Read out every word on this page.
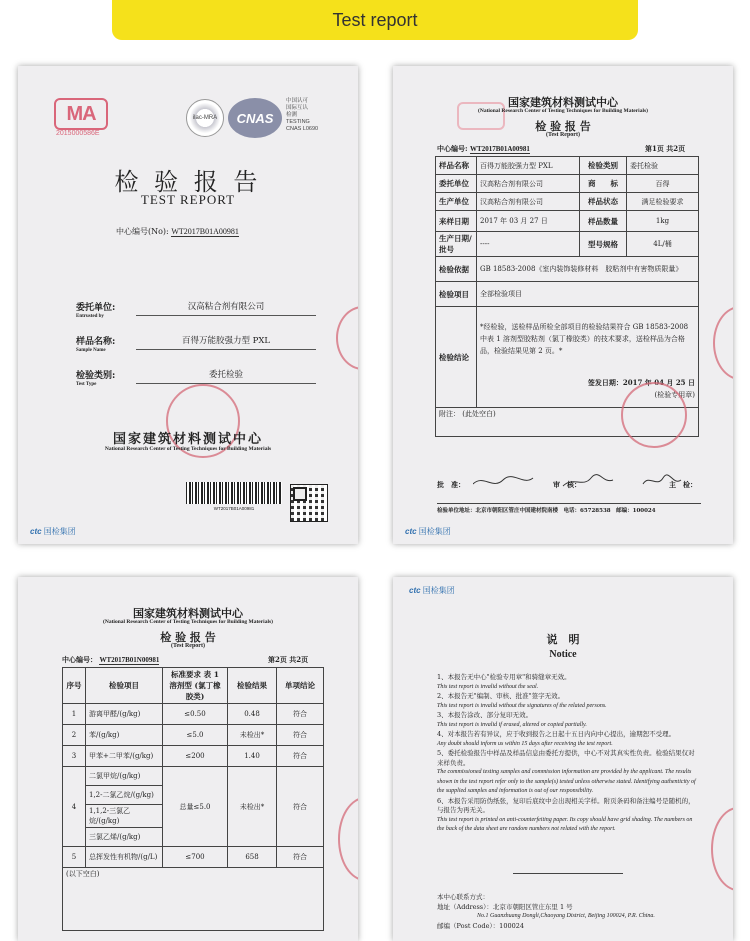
Test report
MA
2015000586E
ilac-MRA CNAS
中国认可
国际互认
检测
TESTING
CNAS L0690
检 验 报 告
TEST REPORT
中心编号(No): WT2017B01A00981
委托单位:
Entrusted by
汉高粘合剂有限公司
样品名称:
Sample Name
百得万能胶强力型 PXL
检验类别:
Test Type
委托检验
国家建筑材料测试中心
National Research Center of Testing Techniques for Building Materials
WT2017B01A00981
ctc 国检集团
国家建筑材料测试中心
(National Research Center of Testing Techniques for Building Materials)
检 验 报 告
(Test Report)
中心编号: WT2017B01A00981	第1页 共2页
样品名称	百得万能胶强力型 PXL	检验类别	委托检验
委托单位	汉高粘合剂有限公司	商　　标	百得
生产单位	汉高粘合剂有限公司	样品状态	满足检验要求
来样日期	2017 年 03 月 27 日	样品数量	1kg
生产日期/批号	----	型号规格	4L/桶
检验依据	GB 18583-2008《室内装饰装修材料　胶粘剂中有害物质限量》		
检验项目	全部检验项目		
检验结论	*经检验，送检样品所检全部项目的检验结果符合 GB 18583-2008 中表 1 溶剂型胶粘剂（氯丁橡胶类）的技术要求，送检样品为合格品，检验结果见第 2 页。*
签发日期：2017 年 04 月 25 日
(检验专用章)		

附注： (此处空白)			
批　准：	审　核：	主　检：
检验单位地址：北京市朝阳区管庄中国建材院南楼　电话：65728538　邮编：100024
ctc 国检集团
国家建筑材料测试中心
(National Research Center of Testing Techniques for Building Materials)
检 验 报 告
(Test Report)
中心编号： WT2017B01N00981	第2页 共2页
序号	检验项目	标准要求 表 1 溶剂型 (氯丁橡胶类)	检验结果	单项结论
1	游离甲醛/(g/kg)	≤0.50	0.48	符合
2	苯/(g/kg)	≤5.0	未检出*	符合
3	甲苯+二甲苯/(g/kg)	≤200	1.40	符合
4	二氯甲烷/(g/kg)	总量≤5.0	未检出*	符合
	1,2-二氯乙烷/(g/kg)			
	1,1,2-三氯乙烷/(g/kg)			
	三氯乙烯/(g/kg)			
5	总挥发性有机物/(g/L)	≤700	658	符合
(以下空白)				
ctc 国检集团
说　明
Notice
1、本报告无中心"检验专用章"和骑缝章无效。
This test report is invalid without the seal.
2、本报告无"编制、审核、批准"签字无效。
This test report is invalid without the signatures of the related persons.
3、本报告涂改、部分复印无效。
This test report is invalid if erased, altered or copied partially.
4、对本报告若有异议，应于收到报告之日起十五日内向中心提出，逾期恕不受理。
Any doubt should inform us within 15 days after receiving the test report.
5、委托检验报告中样品及样品信息由委托方提供，中心不对其真实性负责。检验结果仅对来样负责。
The commissioned testing samples and commission information are provided by the applicant. The results shown in the test report refer only to the sample(s) tested unless otherwise stated. Identifying authenticity of the supplied samples and information is out of our responsibility.
6、本报告采用防伪纸张，复印后底纹中会出现相关字样。附页条码和备注编号是随机的，与报告为再无关。
This test report is printed on anti-counterfeiting paper. Its copy should have grid shading. The numbers on the back of the data sheet are random numbers not related with the report.
本中心联系方式：
地址（Address）：北京市朝阳区管庄东里 1 号
No.1 Guanzhuang Dongli,Chaoyang District, Beijing 100024, P.R. China.
邮编（Post Code）：100024
